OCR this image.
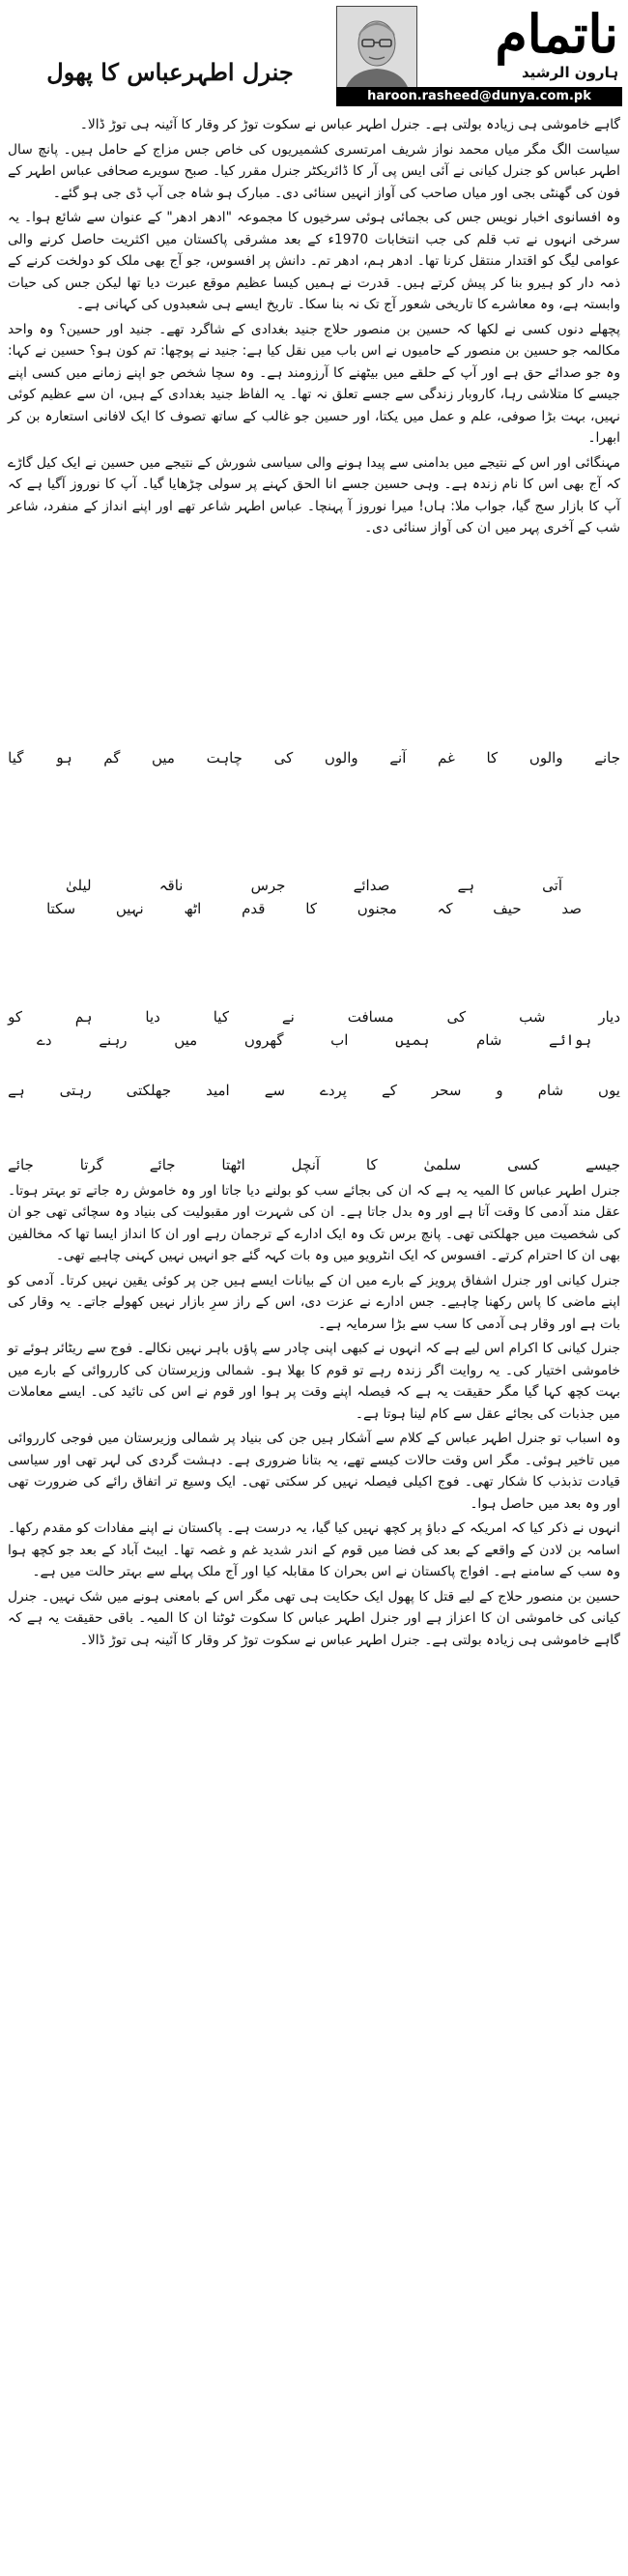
ناتمام
ہارون الرشید
haroon.rasheed@dunya.com.pk
جنرل اطہرعباس کا پھول

گاہے خاموشی ہی زیادہ بولتی ہے۔ جنرل اطہر عباس نے سکوت توڑ کر وقار کا آئینہ ہی توڑ ڈالا۔

سیاست الگ مگر میاں محمد نواز شریف امرتسری کشمیریوں کی خاص جس مزاج کے حامل ہیں۔ پانچ سال اطہر عباس کو جنرل کیانی نے آئی ایس پی آر کا ڈائریکٹر جنرل مقرر کیا۔ صبح سویرے صحافی عباس اطہر کے فون کی گھنٹی بجی اور میاں صاحب کی آواز انہیں سنائی دی۔ مبارک ہو شاہ جی آپ ڈی جی ہو گئے۔

وہ افسانوی اخبار نویس جس کی بجمائی ہوئی سرخیوں کا مجموعہ "ادھر ادھر" کے عنوان سے شائع ہوا۔ یہ سرخی انہوں نے تب قلم کی جب انتخابات 1970ء کے بعد مشرقی پاکستان میں اکثریت حاصل کرنے والی عوامی لیگ کو اقتدار منتقل کرنا تھا۔ ادھر ہم، ادھر تم۔ دانش پر افسوس، جو آج بھی ملک کو دولخت کرنے کے ذمہ دار کو ہیرو بنا کر پیش کرتے ہیں۔ قدرت نے ہمیں کیسا عظیم موقع عبرت دیا تھا لیکن جس کی حیات وابستہ ہے، وہ معاشرے کا تاریخی شعور آج تک نہ بنا سکا۔ تاریخ ایسے ہی شعبدوں کی کہانی ہے۔

پچھلے دنوں کسی نے لکھا کہ حسین بن منصور حلاج جنید بغدادی کے شاگرد تھے۔ جنید اور حسین؟ وہ واحد مکالمہ جو حسین بن منصور کے حامیوں نے اس باب میں نقل کیا ہے: جنید نے پوچھا: تم کون ہو؟ حسین نے کہا: وہ جو صدائے حق ہے اور آپ کے حلقے میں بیٹھنے کا آرزومند ہے۔ وہ سچا شخص جو اپنے زمانے میں کسی اپنے جیسے کا متلاشی رہا، کاروبار زندگی سے جسے تعلق نہ تھا۔ یہ الفاظ جنید بغدادی کے ہیں، ان سے عظیم کوئی نہیں، بہت بڑا صوفی، علم و عمل میں یکتا، اور حسین جو غالب کے ساتھ تصوف کا ایک لافانی استعارہ بن کر ابھرا۔

مہنگائی اور اس کے نتیجے میں بدامنی سے پیدا ہونے والی سیاسی شورش کے نتیجے میں حسین نے ایک کیل گاڑے کہ آج بھی اس کا نام زندہ ہے۔ وہی حسین جسے انا الحق کہنے پر سولی چڑھایا گیا۔ آپ کا نوروز آگیا ہے کہ آپ کا بازار سج گیا، جواب ملا: ہاں! میرا نوروز آ پہنچا۔ عباس اطہر شاعر تھے اور اپنے انداز کے منفرد، شاعر شب کے آخری پہر میں ان کی آواز سنائی دی۔

جانے
والوں
کا
غم
آنے
والوں
کی
چاہت
میں
گم
ہو
گیا
آتی
ہے
صدائے
جرس
ناقہ
لیلیٰ
صد
حیف
کہ
مجنوں
کا
قدم
اٹھ
نہیں
سکتا
دیار
شب
کی
مسافت
نے
کیا
دیا
ہم
کو
ہوائے
شام
ہمیں
اب
گھروں
میں
رہنے
دے
یوں
شام
و
سحر
کے
پردے
سے
امید
جھلکتی
رہتی
ہے
جیسے
کسی
سلمیٰ
کا
آنچل
اٹھتا
جائے
گرتا
جائے

جنرل اطہر عباس کا المیہ یہ ہے کہ ان کی بجائے سب کو بولنے دیا جاتا اور وہ خاموش رہ جاتے تو بہتر ہوتا۔ عقل مند آدمی کا وقت آتا ہے اور وہ بدل جاتا ہے۔ ان کی شہرت اور مقبولیت کی بنیاد وہ سچائی تھی جو ان کی شخصیت میں جھلکتی تھی۔ پانچ برس تک وہ ایک ادارے کے ترجمان رہے اور ان کا انداز ایسا تھا کہ مخالفین بھی ان کا احترام کرتے۔ افسوس کہ ایک انٹرویو میں وہ بات کہہ گئے جو انہیں نہیں کہنی چاہیے تھی۔

جنرل کیانی اور جنرل اشفاق پرویز کے بارے میں ان کے بیانات ایسے ہیں جن پر کوئی یقین نہیں کرتا۔ آدمی کو اپنے ماضی کا پاس رکھنا چاہیے۔ جس ادارے نے عزت دی، اس کے راز سرِ بازار نہیں کھولے جاتے۔ یہ وقار کی بات ہے اور وقار ہی آدمی کا سب سے بڑا سرمایہ ہے۔

جنرل کیانی کا اکرام اس لیے ہے کہ انہوں نے کبھی اپنی چادر سے پاؤں باہر نہیں نکالے۔ فوج سے ریٹائر ہوئے تو خاموشی اختیار کی۔ یہ روایت اگر زندہ رہے تو قوم کا بھلا ہو۔ شمالی وزیرستان کی کارروائی کے بارے میں بہت کچھ کہا گیا مگر حقیقت یہ ہے کہ فیصلہ اپنے وقت پر ہوا اور قوم نے اس کی تائید کی۔ ایسے معاملات میں جذبات کی بجائے عقل سے کام لینا ہوتا ہے۔

وہ اسباب تو جنرل اطہر عباس کے کلام سے آشکار ہیں جن کی بنیاد پر شمالی وزیرستان میں فوجی کارروائی میں تاخیر ہوئی۔ مگر اس وقت حالات کیسے تھے، یہ بتانا ضروری ہے۔ دہشت گردی کی لہر تھی اور سیاسی قیادت تذبذب کا شکار تھی۔ فوج اکیلی فیصلہ نہیں کر سکتی تھی۔ ایک وسیع تر اتفاق رائے کی ضرورت تھی اور وہ بعد میں حاصل ہوا۔

انہوں نے ذکر کیا کہ امریکہ کے دباؤ پر کچھ نہیں کیا گیا، یہ درست ہے۔ پاکستان نے اپنے مفادات کو مقدم رکھا۔ اسامہ بن لادن کے واقعے کے بعد کی فضا میں قوم کے اندر شدید غم و غصہ تھا۔ ایبٹ آباد کے بعد جو کچھ ہوا وہ سب کے سامنے ہے۔ افواج پاکستان نے اس بحران کا مقابلہ کیا اور آج ملک پہلے سے بہتر حالت میں ہے۔

حسین بن منصور حلاج کے لیے قتل کا پھول ایک حکایت ہی تھی مگر اس کے بامعنی ہونے میں شک نہیں۔ جنرل کیانی کی خاموشی ان کا اعزاز ہے اور جنرل اطہر عباس کا سکوت ٹوٹنا ان کا المیہ۔ باقی حقیقت یہ ہے کہ گاہے خاموشی ہی زیادہ بولتی ہے۔ جنرل اطہر عباس نے سکوت توڑ کر وقار کا آئینہ ہی توڑ ڈالا۔
